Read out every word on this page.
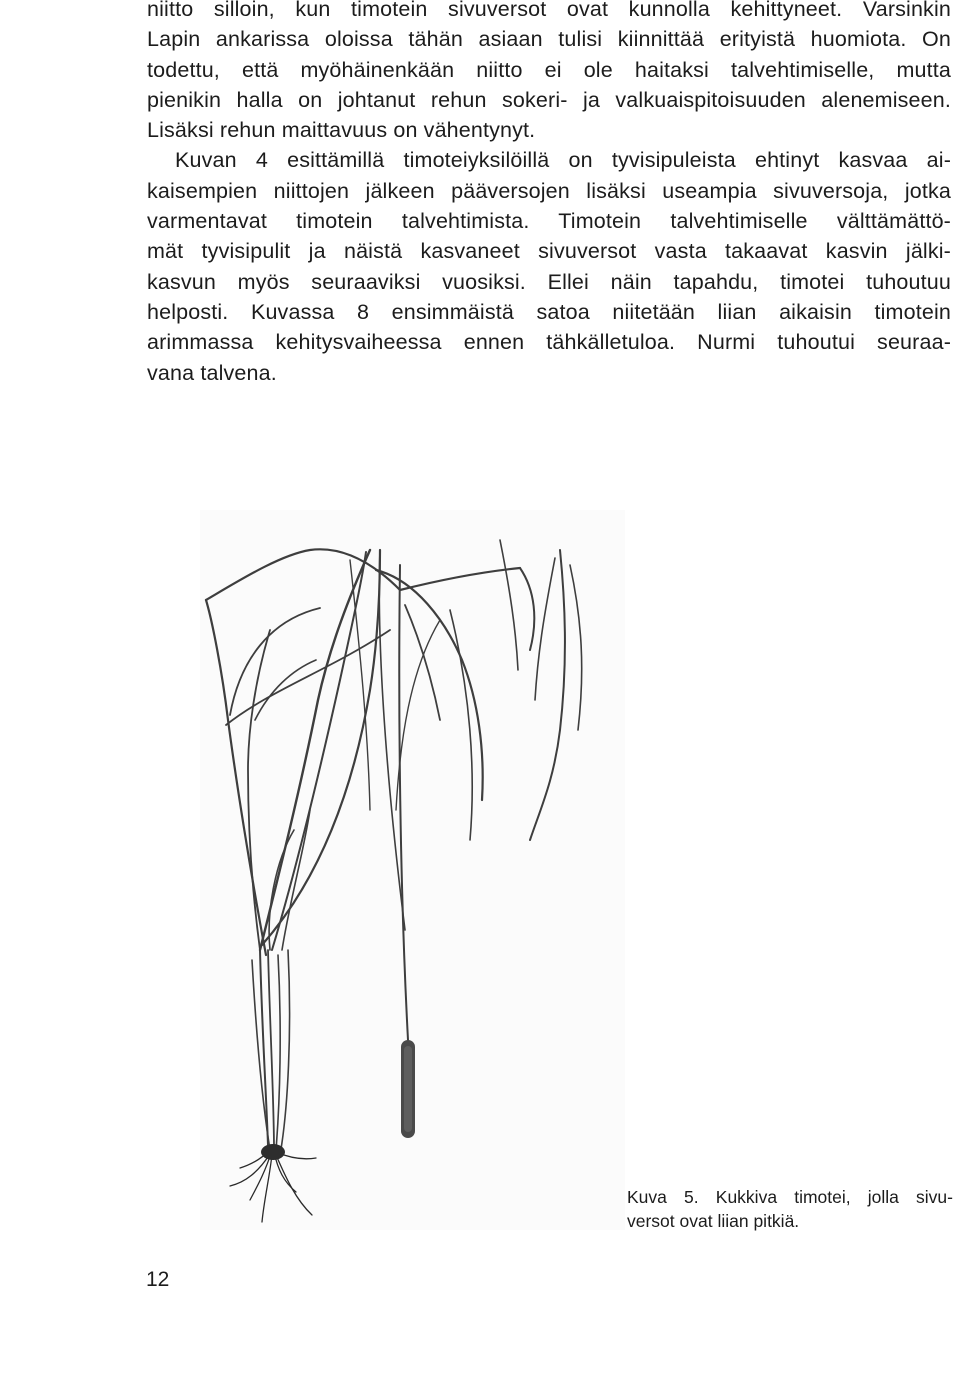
niitto silloin, kun timotein sivuversot ovat kunnolla kehittyneet. Varsinkin
Lapin ankarissa oloissa tähän asiaan tulisi kiinnittää erityistä huomiota. On
todettu, että myöhäinenkään niitto ei ole haitaksi talvehtimiselle, mutta
pienikin halla on johtanut rehun sokeri- ja valkuaispitoisuuden alenemiseen.
Lisäksi rehun maittavuus on vähentynyt.
Kuvan 4 esittämillä timoteiyksilöillä on tyvisipuleista ehtinyt kasvaa ai-
kaisempien niittojen jälkeen pääversojen lisäksi useampia sivuversoja, jotka
varmentavat timotein talvehtimista. Timotein talvehtimiselle välttämättö-
mät tyvisipulit ja näistä kasvaneet sivuversot vasta takaavat kasvin jälki-
kasvun myös seuraaviksi vuosiksi. Ellei näin tapahdu, timotei tuhoutuu
helposti. Kuvassa 8 ensimmäistä satoa niitetään liian aikaisin timotein
arimmassa kehitysvaiheessa ennen tähkälletuloa. Nurmi tuhoutui seuraa-
vana talvena.
Kuva 5. Kukkiva timotei, jolla sivu-
versot ovat liian pitkiä.
12
